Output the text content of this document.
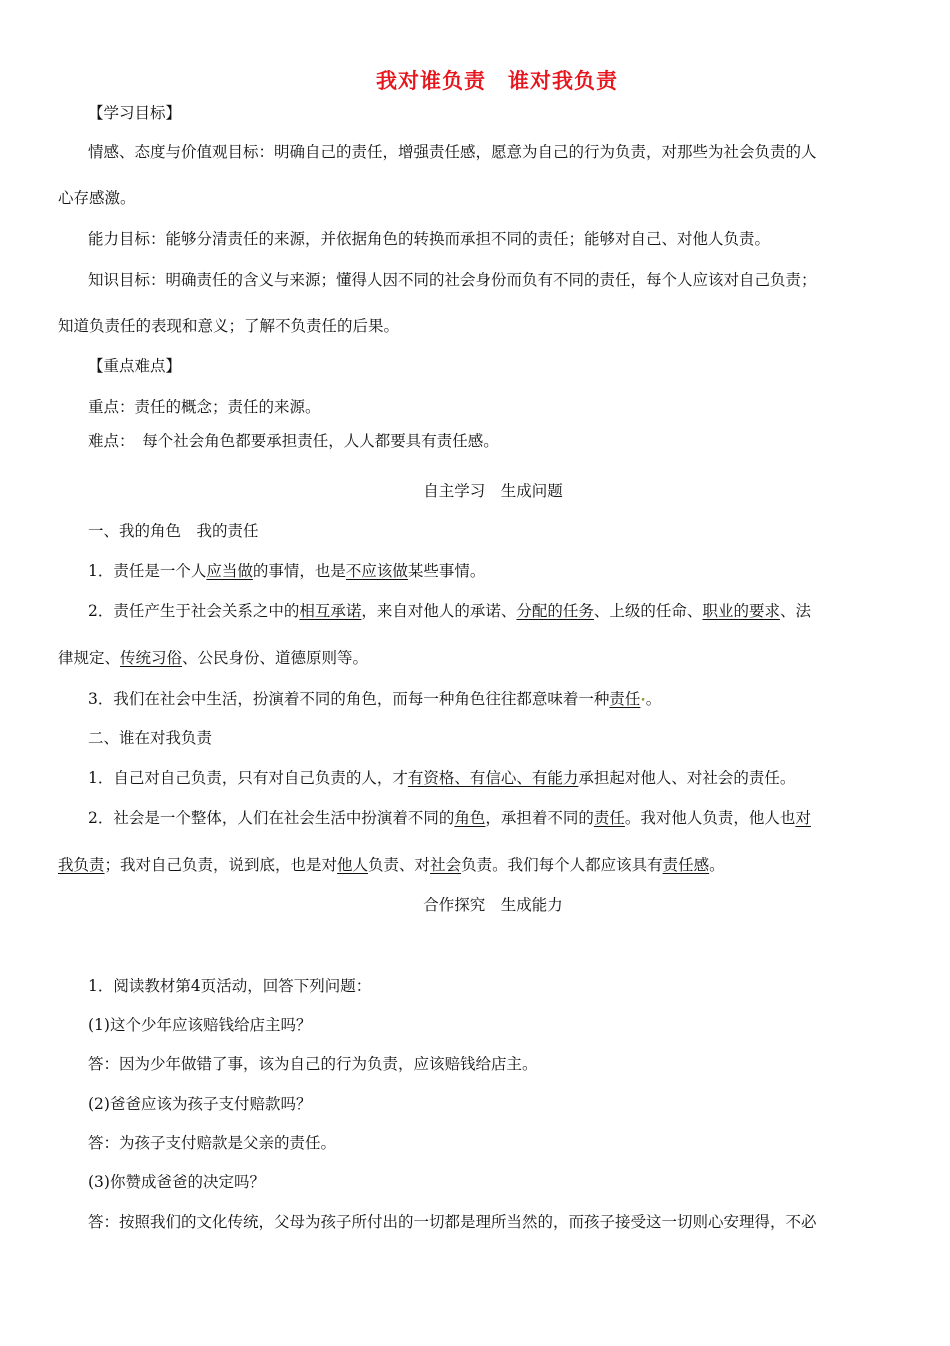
我对谁负责　谁对我负责
【学习目标】
情感、态度与价值观目标：明确自己的责任，增强责任感，愿意为自己的行为负责，对那些为社会负责的人
心存感激。
能力目标：能够分清责任的来源，并依据角色的转换而承担不同的责任；能够对自己、对他人负责。
知识目标：明确责任的含义与来源；懂得人因不同的社会身份而负有不同的责任，每个人应该对自己负责；
知道负责任的表现和意义；了解不负责任的后果。
【重点难点】
重点：责任的概念；责任的来源。
难点：　每个社会角色都要承担责任，人人都要具有责任感。
自主学习　生成问题
一、我的角色　我的责任
1．责任是一个人应当做的事情，也是不应该做某些事情。
2．责任产生于社会关系之中的相互承诺，来自对他人的承诺、分配的任务、上级的任命、职业的要求、法
律规定、传统习俗、公民身份、道德原则等。
3．我们在社会中生活，扮演着不同的角色，而每一种角色往往都意味着一种责任•。
二、谁在对我负责
1．自己对自己负责，只有对自己负责的人，才有资格、有信心、有能力承担起对他人、对社会的责任。
2．社会是一个整体，人们在社会生活中扮演着不同的角色，承担着不同的责任。我对他人负责，他人也对
我负责；我对自己负责，说到底，也是对他人负责、对社会负责。我们每个人都应该具有责任感。
合作探究　生成能力
1．阅读教材第4页活动，回答下列问题：
(1)这个少年应该赔钱给店主吗？
答：因为少年做错了事，该为自己的行为负责，应该赔钱给店主。
(2)爸爸应该为孩子支付赔款吗？
答：为孩子支付赔款是父亲的责任。
(3)你赞成爸爸的决定吗？
答：按照我们的文化传统，父母为孩子所付出的一切都是理所当然的，而孩子接受这一切则心安理得，不必
